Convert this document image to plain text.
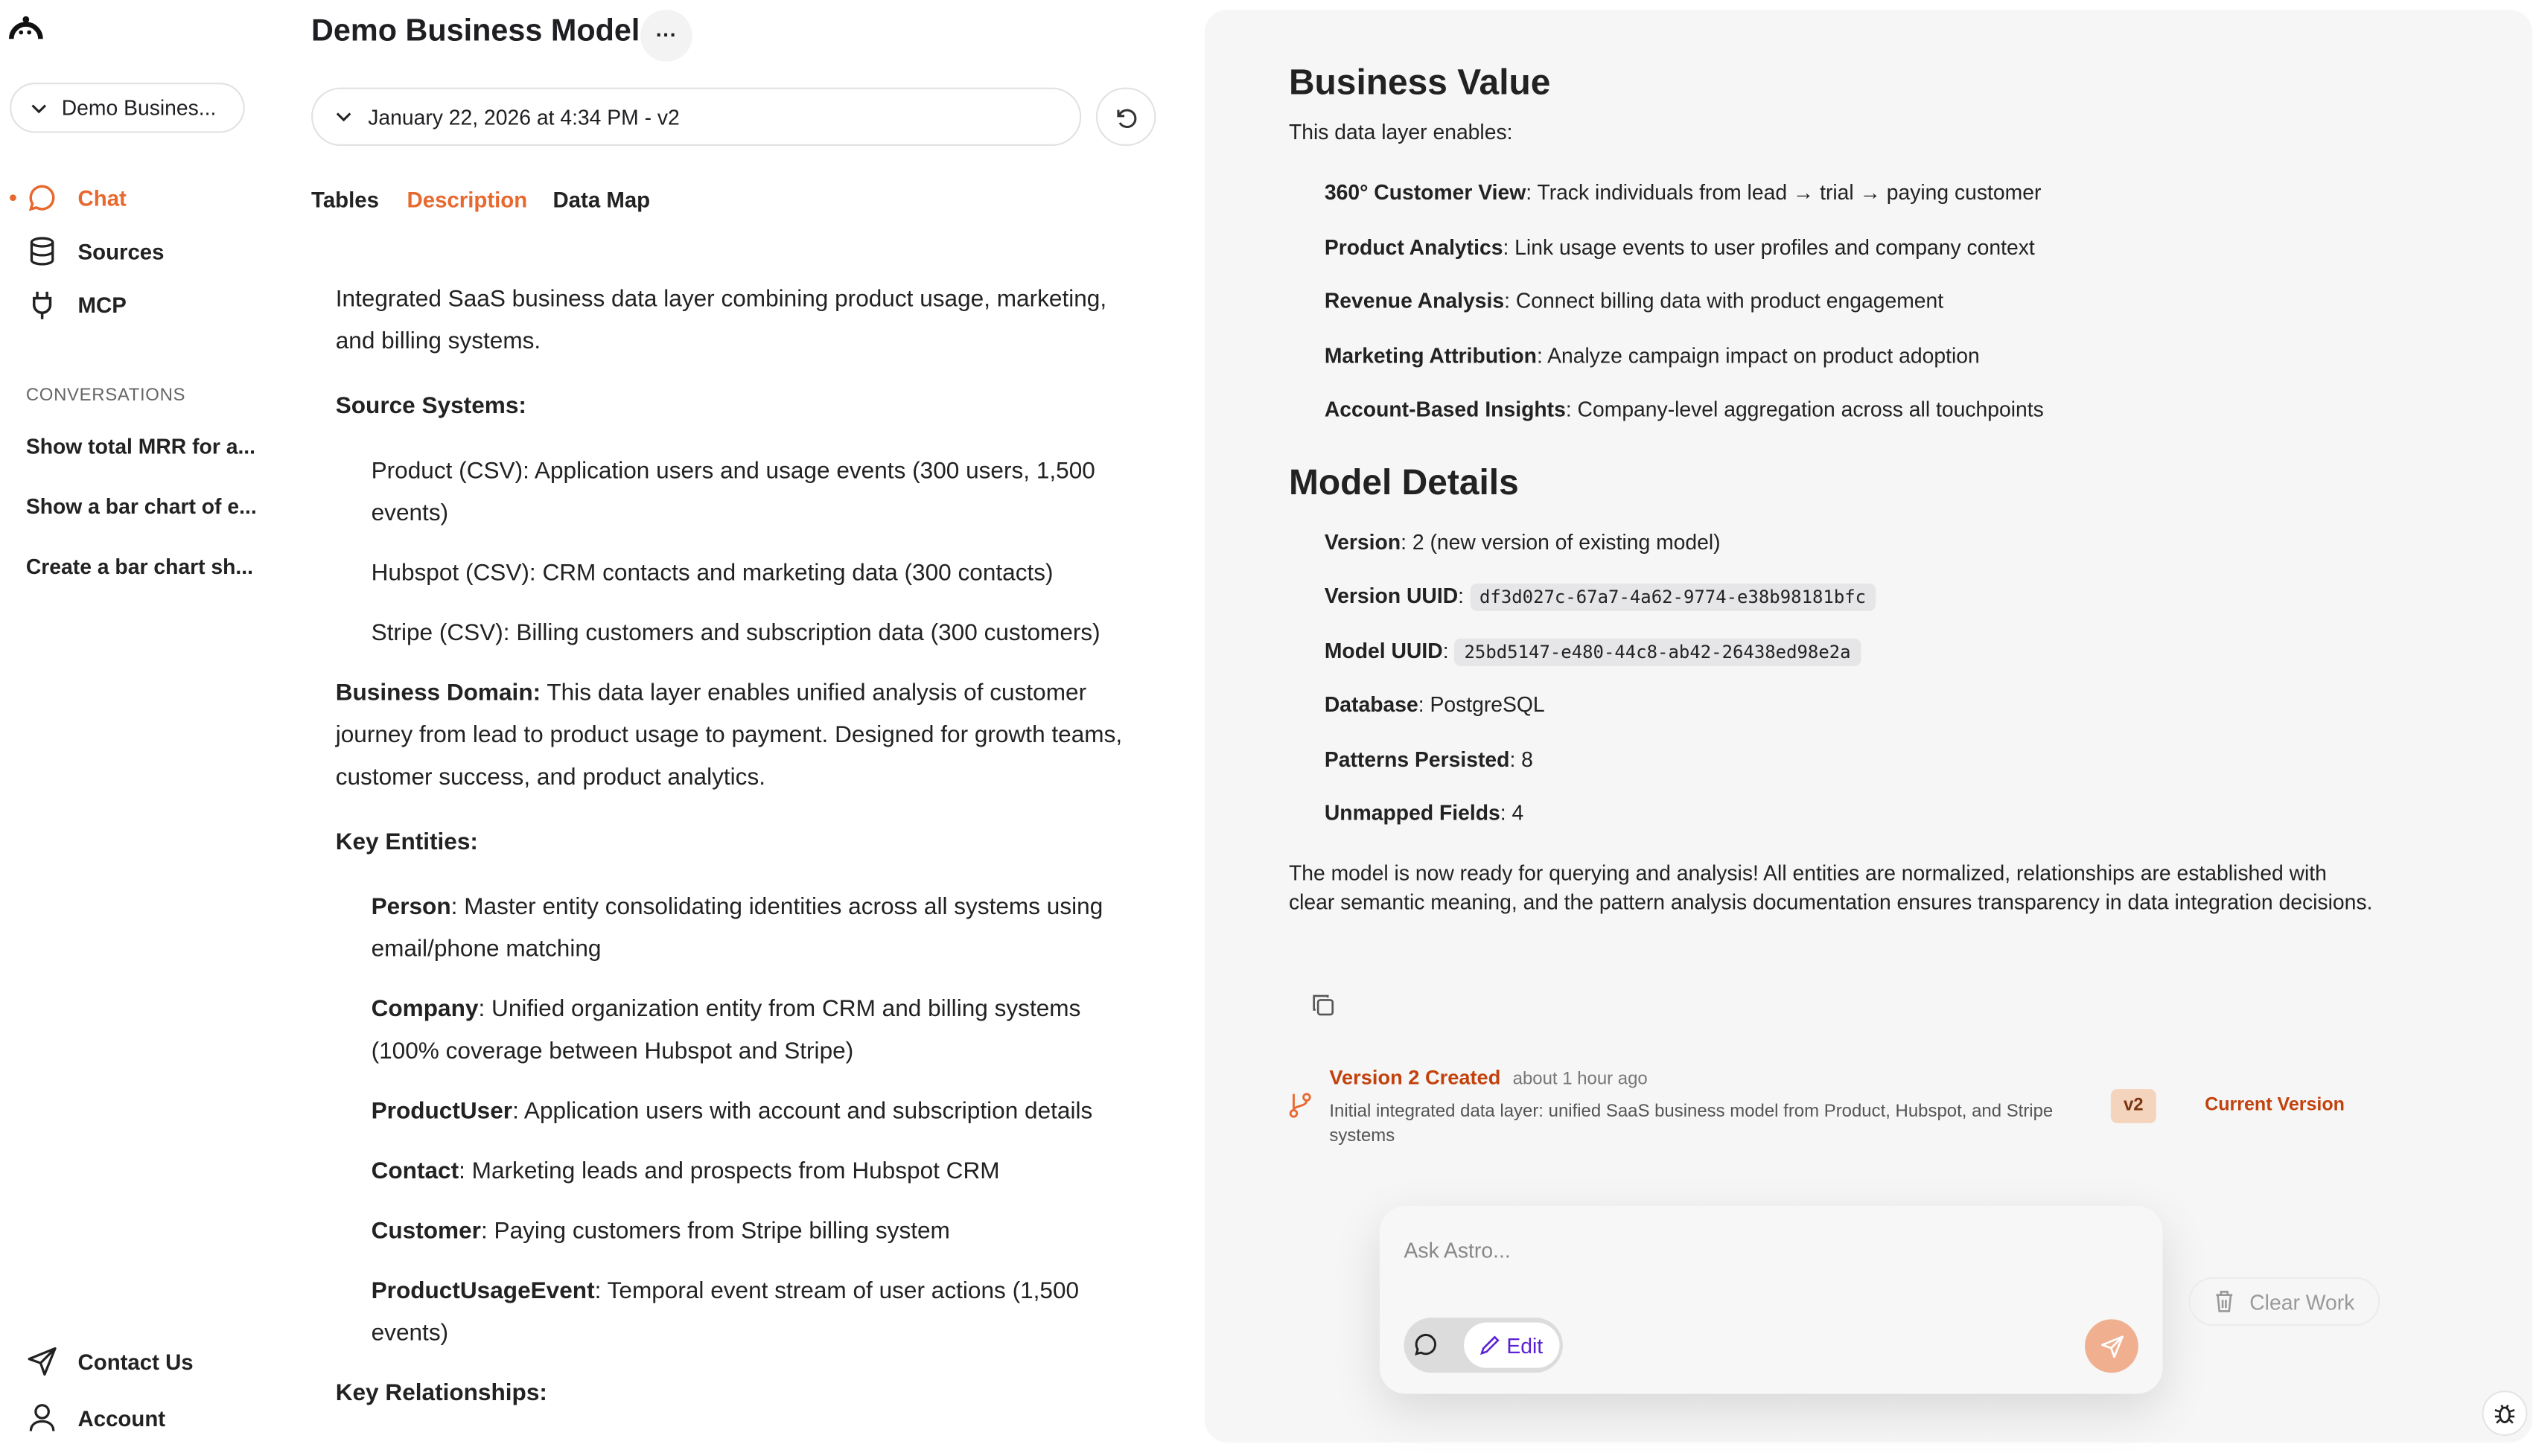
Demo Busines...
Chat
Sources
MCP
CONVERSATIONS
Show total MRR for a...
Show a bar chart of e...
Create a bar chart sh...
Contact Us
Account
Demo Business Model	···
January 22, 2026 at 4:34 PM - v2
Tables	Description	Data Map

Integrated SaaS business data layer combining product usage, marketing, and billing systems.

Source Systems:

Product (CSV): Application users and usage events (300 users, 1,500 events)
Hubspot (CSV): CRM contacts and marketing data (300 contacts)
Stripe (CSV): Billing customers and subscription data (300 customers)

Business Domain: This data layer enables unified analysis of customer journey from lead to product usage to payment. Designed for growth teams, customer success, and product analytics.

Key Entities:

Person: Master entity consolidating identities across all systems using email/phone matching
Company: Unified organization entity from CRM and billing systems (100% coverage between Hubspot and Stripe)
ProductUser: Application users with account and subscription details
Contact: Marketing leads and prospects from Hubspot CRM
Customer: Paying customers from Stripe billing system
ProductUsageEvent: Temporal event stream of user actions (1,500 events)

Key Relationships:

Business Value
This data layer enables:
360° Customer View: Track individuals from lead → trial → paying customer
Product Analytics: Link usage events to user profiles and company context
Revenue Analysis: Connect billing data with product engagement
Marketing Attribution: Analyze campaign impact on product adoption
Account-Based Insights: Company-level aggregation across all touchpoints
Model Details
Version: 2 (new version of existing model)
Version UUID: df3d027c-67a7-4a62-9774-e38b98181bfc
Model UUID: 25bd5147-e480-44c8-ab42-26438ed98e2a
Database: PostgreSQL
Patterns Persisted: 8
Unmapped Fields: 4
The model is now ready for querying and analysis! All entities are normalized, relationships are established with clear semantic meaning, and the pattern analysis documentation ensures transparency in data integration decisions.
Version 2 Created about 1 hour ago
Initial integrated data layer: unified SaaS business model from Product, Hubspot, and Stripe systems
v2	Current Version
Ask Astro...
Edit
Clear Work
